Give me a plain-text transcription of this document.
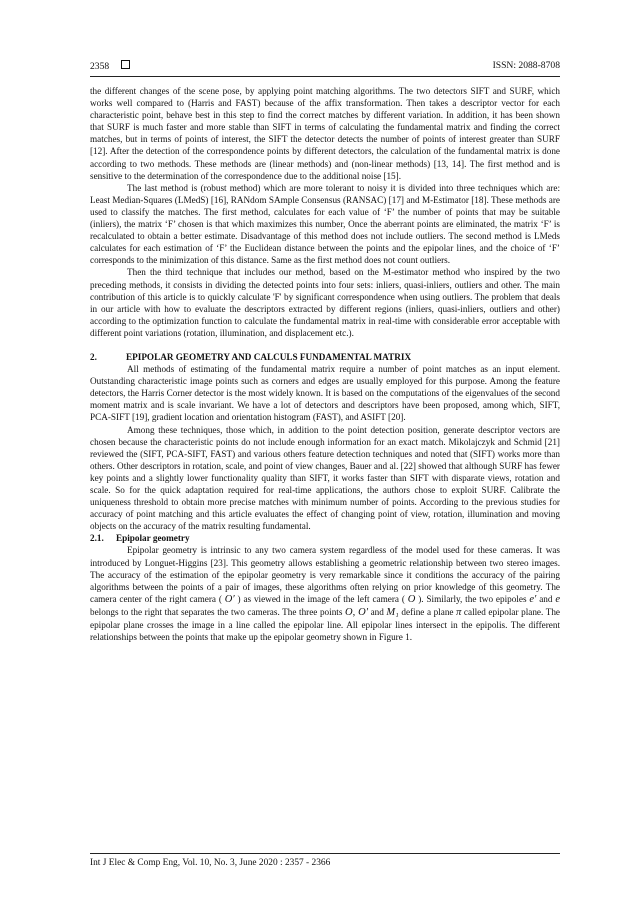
2358	ISSN: 2088-8708

the different changes of the scene pose, by applying point matching algorithms. The two detectors SIFT and SURF, which works well compared to (Harris and FAST) because of the affix transformation. Then takes a descriptor vector for each characteristic point, behave best in this step to find the correct matches by different variation. In addition, it has been shown that SURF is much faster and more stable than SIFT in terms of calculating the fundamental matrix and finding the correct matches, but in terms of points of interest, the SIFT the detector detects the number of points of interest greater than SURF [12]. After the detection of the correspondence points by different detectors, the calculation of the fundamental matrix is done according to two methods. These methods are (linear methods) and (non-linear methods) [13, 14]. The first method and is sensitive to the determination of the correspondence due to the additional noise [15].

The last method is (robust method) which are more tolerant to noisy it is divided into three techniques which are: Least Median-Squares (LMedS) [16], RANdom SAmple Consensus (RANSAC) [17] and M-Estimator [18]. These methods are used to classify the matches. The first method, calculates for each value of ‘F’ the number of points that may be suitable (inliers), the matrix ‘F’ chosen is that which maximizes this number, Once the aberrant points are eliminated, the matrix ‘F’ is recalculated to obtain a better estimate. Disadvantage of this method does not include outliers. The second method is LMeds calculates for each estimation of ‘F’ the Euclidean distance between the points and the epipolar lines, and the choice of ‘F’ corresponds to the minimization of this distance. Same as the first method does not count outliers.

Then the third technique that includes our method, based on the M-estimator method who inspired by the two preceding methods, it consists in dividing the detected points into four sets: inliers, quasi-inliers, outliers and other. The main contribution of this article is to quickly calculate 'F' by significant correspondence when using outliers. The problem that deals in our article with how to evaluate the descriptors extracted by different regions (inliers, quasi-inliers, outliers and other) according to the optimization function to calculate the fundamental matrix in real-time with considerable error acceptable with different point variations (rotation, illumination, and displacement etc.).

2.	EPIPOLAR GEOMETRY AND CALCULS FUNDAMENTAL MATRIX

All methods of estimating of the fundamental matrix require a number of point matches as an input element. Outstanding characteristic image points such as corners and edges are usually employed for this purpose. Among the feature detectors, the Harris Corner detector is the most widely known. It is based on the computations of the eigenvalues of the second moment matrix and is scale invariant. We have a lot of detectors and descriptors have been proposed, among which, SIFT, PCA-SIFT [19], gradient location and orientation histogram (FAST), and ASIFT [20].

Among these techniques, those which, in addition to the point detection position, generate descriptor vectors are chosen because the characteristic points do not include enough information for an exact match. Mikolajczyk and Schmid [21] reviewed the (SIFT, PCA-SIFT, FAST) and various others feature detection techniques and noted that (SIFT) works more than others. Other descriptors in rotation, scale, and point of view changes, Bauer and al. [22] showed that although SURF has fewer key points and a slightly lower functionality quality than SIFT, it works faster than SIFT with disparate views, rotation and scale. So for the quick adaptation required for real-time applications, the authors chose to exploit SURF. Calibrate the uniqueness threshold to obtain more precise matches with minimum number of points. According to the previous studies for accuracy of point matching and this article evaluates the effect of changing point of view, rotation, illumination and moving objects on the accuracy of the matrix resulting fundamental.

2.1. Epipolar geometry

Epipolar geometry is intrinsic to any two camera system regardless of the model used for these cameras. It was introduced by Longuet-Higgins [23]. This geometry allows establishing a geometric relationship between two stereo images. The accuracy of the estimation of the epipolar geometry is very remarkable since it conditions the accuracy of the pairing algorithms between the points of a pair of images, these algorithms often relying on prior knowledge of this geometry. The camera center of the right camera ( O′ ) as viewed in the image of the left camera ( O ). Similarly, the two epipoles e′ and e belongs to the right that separates the two cameras. The three points O, O′ and M₁ define a plane π called epipolar plane. The epipolar plane crosses the image in a line called the epipolar line. All epipolar lines intersect in the epipolis. The different relationships between the points that make up the epipolar geometry shown in Figure 1.

Int J Elec & Comp Eng, Vol. 10, No. 3, June 2020 : 2357 - 2366
